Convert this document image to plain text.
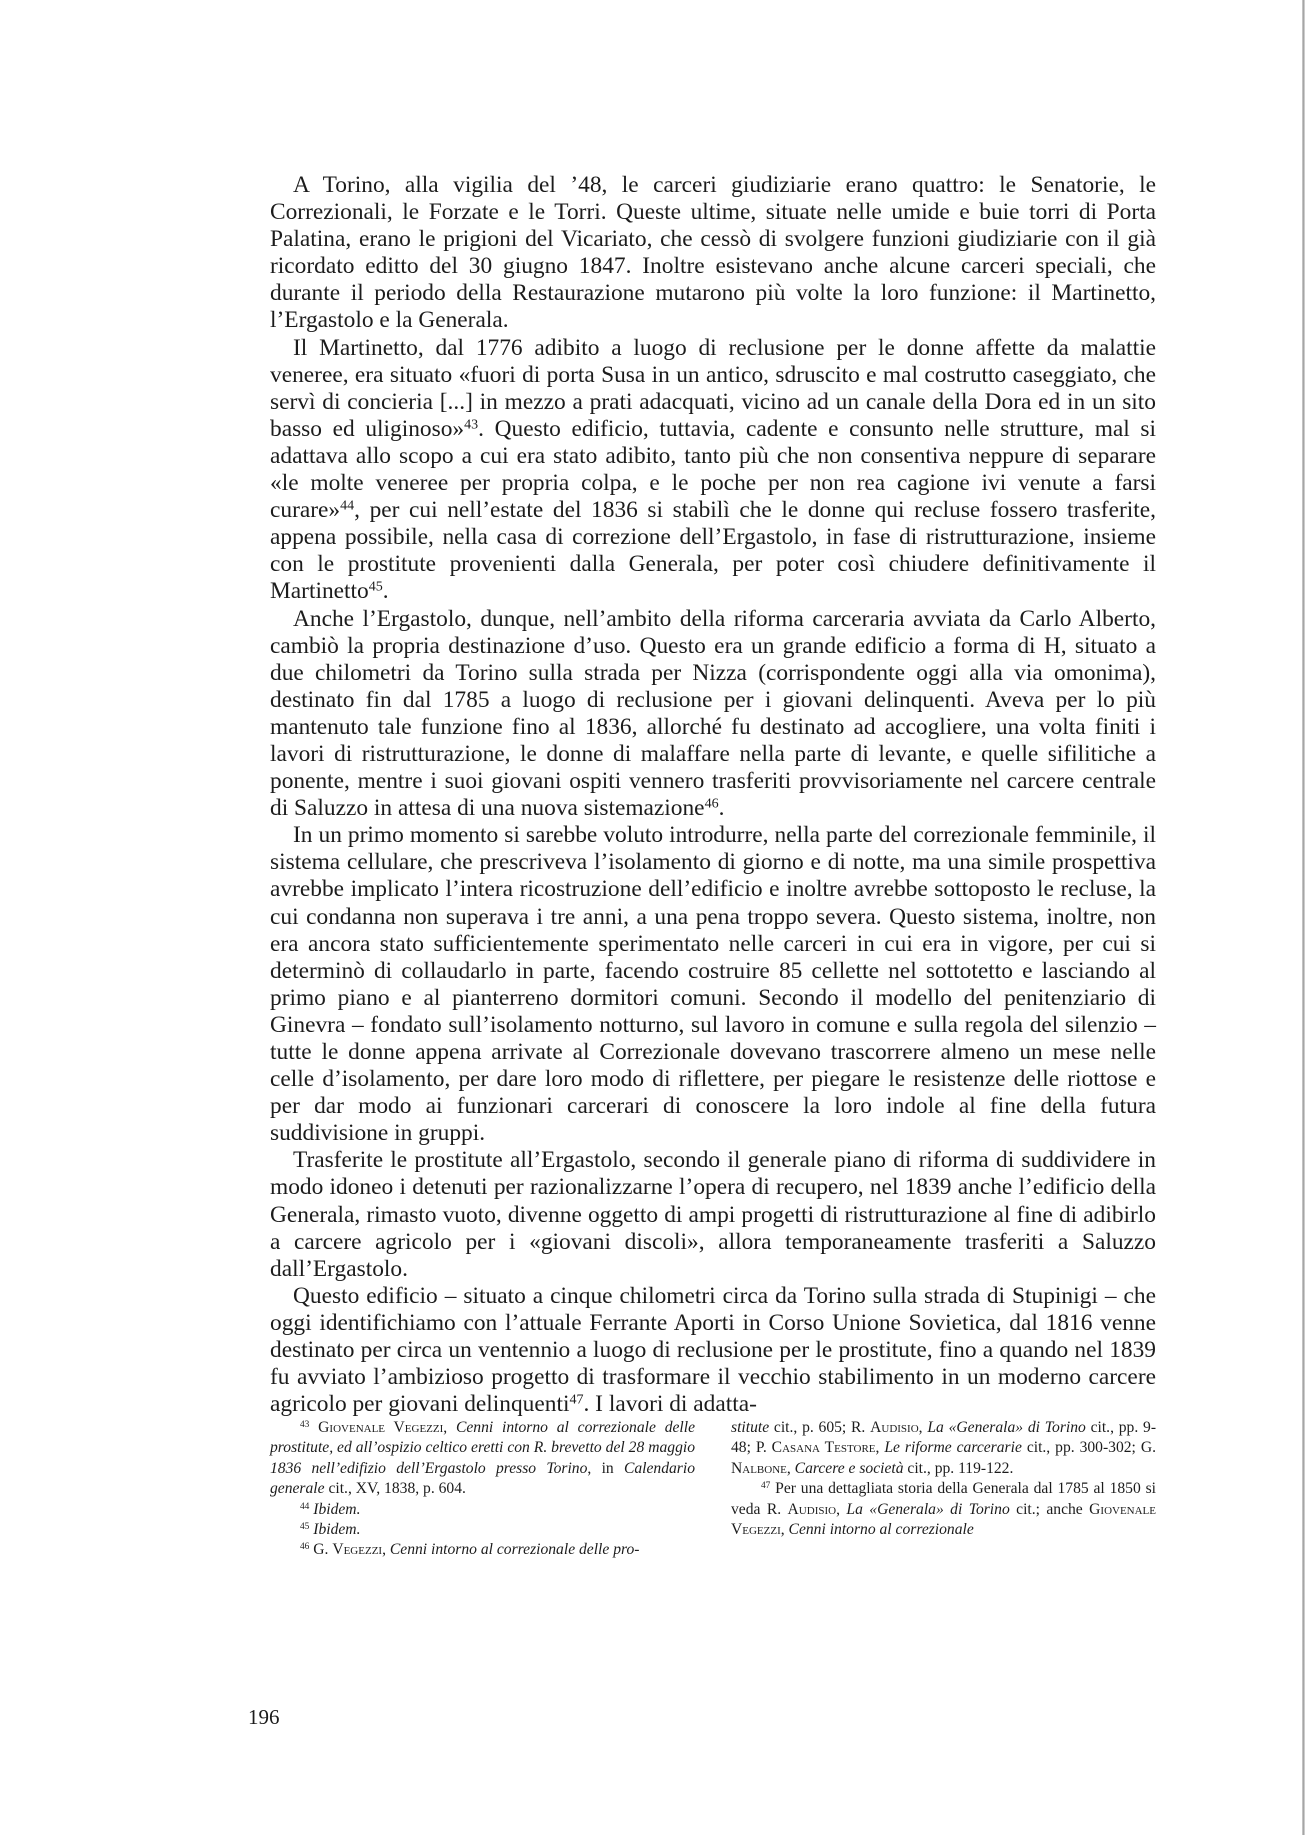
A Torino, alla vigilia del ’48, le carceri giudiziarie erano quattro: le Senatorie, le Correzionali, le Forzate e le Torri. Queste ultime, situate nelle umide e buie torri di Porta Palatina, erano le prigioni del Vicariato, che cessò di svolgere funzioni giudiziarie con il già ricordato editto del 30 giugno 1847. Inoltre esistevano anche alcune carceri speciali, che durante il periodo della Restaurazione mutarono più volte la loro funzione: il Martinetto, l’Ergastolo e la Generala.

Il Martinetto, dal 1776 adibito a luogo di reclusione per le donne affette da malattie veneree, era situato «fuori di porta Susa in un antico, sdruscito e mal costrutto caseggiato, che servì di concieria [...] in mezzo a prati adacquati, vicino ad un canale della Dora ed in un sito basso ed uliginoso»$^{43}$. Questo edificio, tuttavia, cadente e consunto nelle strutture, mal si adattava allo scopo a cui era stato adibito, tanto più che non consentiva neppure di separare «le molte veneree per propria colpa, e le poche per non rea cagione ivi venute a farsi curare»$^{44}$, per cui nell’estate del 1836 si stabilì che le donne qui recluse fossero trasferite, appena possibile, nella casa di correzione dell’Ergastolo, in fase di ristrutturazione, insieme con le prostitute provenienti dalla Generala, per poter così chiudere definitivamente il Martinetto$^{45}$.

Anche l’Ergastolo, dunque, nell’ambito della riforma carceraria avviata da Carlo Alberto, cambiò la propria destinazione d’uso. Questo era un grande edificio a forma di H, situato a due chilometri da Torino sulla strada per Nizza (corrispondente oggi alla via omonima), destinato fin dal 1785 a luogo di reclusione per i giovani delinquenti. Aveva per lo più mantenuto tale funzione fino al 1836, allorché fu destinato ad accogliere, una volta finiti i lavori di ristrutturazione, le donne di malaffare nella parte di levante, e quelle sifilitiche a ponente, mentre i suoi giovani ospiti vennero trasferiti provvisoriamente nel carcere centrale di Saluzzo in attesa di una nuova sistemazione$^{46}$.

In un primo momento si sarebbe voluto introdurre, nella parte del correzionale femminile, il sistema cellulare, che prescriveva l’isolamento di giorno e di notte, ma una simile prospettiva avrebbe implicato l’intera ricostruzione dell’edificio e inoltre avrebbe sottoposto le recluse, la cui condanna non superava i tre anni, a una pena troppo severa. Questo sistema, inoltre, non era ancora stato sufficientemente sperimentato nelle carceri in cui era in vigore, per cui si determinò di collaudarlo in parte, facendo costruire 85 cellette nel sottotetto e lasciando al primo piano e al pianterreno dormitori comuni. Secondo il modello del penitenziario di Ginevra – fondato sull’isolamento notturno, sul lavoro in comune e sulla regola del silenzio – tutte le donne appena arrivate al Correzionale dovevano trascorrere almeno un mese nelle celle d’isolamento, per dare loro modo di riflettere, per piegare le resistenze delle riottose e per dar modo ai funzionari carcerari di conoscere la loro indole al fine della futura suddivisione in gruppi.

Trasferite le prostitute all’Ergastolo, secondo il generale piano di riforma di suddividere in modo idoneo i detenuti per razionalizzarne l’opera di recupero, nel 1839 anche l’edificio della Generala, rimasto vuoto, divenne oggetto di ampi progetti di ristrutturazione al fine di adibirlo a carcere agricolo per i «giovani discoli», allora temporaneamente trasferiti a Saluzzo dall’Ergastolo.

Questo edificio – situato a cinque chilometri circa da Torino sulla strada di Stupinigi – che oggi identifichiamo con l’attuale Ferrante Aporti in Corso Unione Sovietica, dal 1816 venne destinato per circa un ventennio a luogo di reclusione per le prostitute, fino a quando nel 1839 fu avviato l’ambizioso progetto di trasformare il vecchio stabilimento in un moderno carcere agricolo per giovani delinquenti$^{47}$. I lavori di adatta-

$^{43}$ Giovenale Vegezzi, Cenni intorno al correzionale delle prostitute, ed all’ospizio celtico eretti con R. brevetto del 28 maggio 1836 nell’edifizio dell’Ergastolo presso Torino, in Calendario generale cit., XV, 1838, p. 604.

$^{44}$ Ibidem.

$^{45}$ Ibidem.

$^{46}$ G. Vegezzi, Cenni intorno al correzionale delle pro-

stitute cit., p. 605; R. Audisio, La «Generala» di Torino cit., pp. 9-48; P. Casana Testore, Le riforme carcerarie cit., pp. 300-302; G. Nalbone, Carcere e società cit., pp. 119-122.

$^{47}$ Per una dettagliata storia della Generala dal 1785 al 1850 si veda R. Audisio, La «Generala» di Torino cit.; anche Giovenale Vegezzi, Cenni intorno al correzionale

196
